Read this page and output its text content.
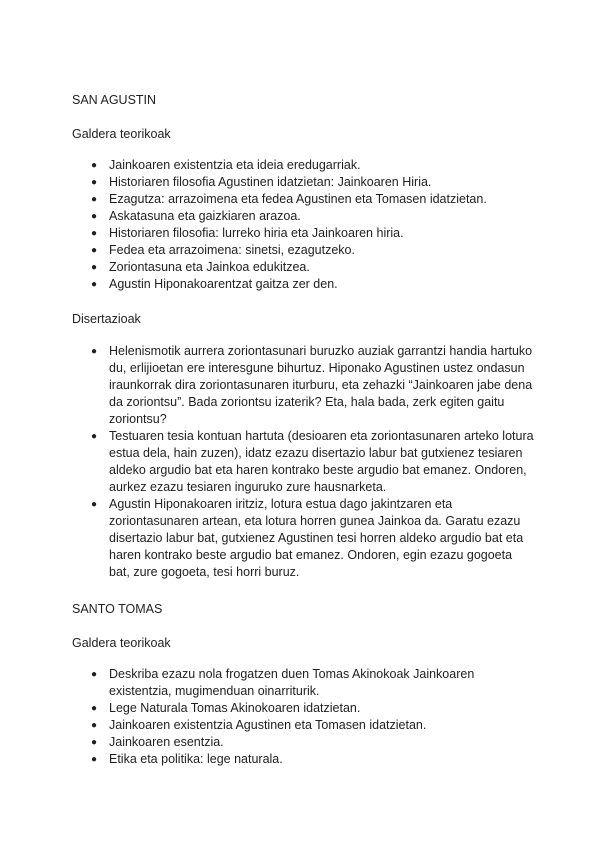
SAN AGUSTIN

Galdera teorikoak

● Jainkoaren existentzia eta ideia eredugarriak.
● Historiaren filosofia Agustinen idatzietan: Jainkoaren Hiria.
● Ezagutza: arrazoimena eta fedea Agustinen eta Tomasen idatzietan.
● Askatasuna eta gaizkiaren arazoa.
● Historiaren filosofia: lurreko hiria eta Jainkoaren hiria.
● Fedea eta arrazoimena: sinetsi, ezagutzeko.
● Zoriontasuna eta Jainkoa edukitzea.
● Agustin Hiponakoarentzat gaitza zer den.

Disertazioak

● Helenismotik aurrera zoriontasunari buruzko auziak garrantzi handia hartuko du, erlijioetan ere interesgune bihurtuz. Hiponako Agustinen ustez ondasun iraunkorrak dira zoriontasunaren iturburu, eta zehazki “Jainkoaren jabe dena da zoriontsu”. Bada zoriontsu izaterik? Eta, hala bada, zerk egiten gaitu zoriontsu?
● Testuaren tesia kontuan hartuta (desioaren eta zoriontasunaren arteko lotura estua dela, hain zuzen), idatz ezazu disertazio labur bat gutxienez tesiaren aldeko argudio bat eta haren kontrako beste argudio bat emanez. Ondoren, aurkez ezazu tesiaren inguruko zure hausnarketa.
● Agustin Hiponakoaren iritziz, lotura estua dago jakintzaren eta zoriontasunaren artean, eta lotura horren gunea Jainkoa da. Garatu ezazu disertazio labur bat, gutxienez Agustinen tesi horren aldeko argudio bat eta haren kontrako beste argudio bat emanez. Ondoren, egin ezazu gogoeta bat, zure gogoeta, tesi horri buruz.

SANTO TOMAS

Galdera teorikoak

● Deskriba ezazu nola frogatzen duen Tomas Akinokoak Jainkoaren existentzia, mugimenduan oinarriturik.
● Lege Naturala Tomas Akinokoaren idatzietan.
● Jainkoaren existentzia Agustinen eta Tomasen idatzietan.
● Jainkoaren esentzia.
● Etika eta politika: lege naturala.
